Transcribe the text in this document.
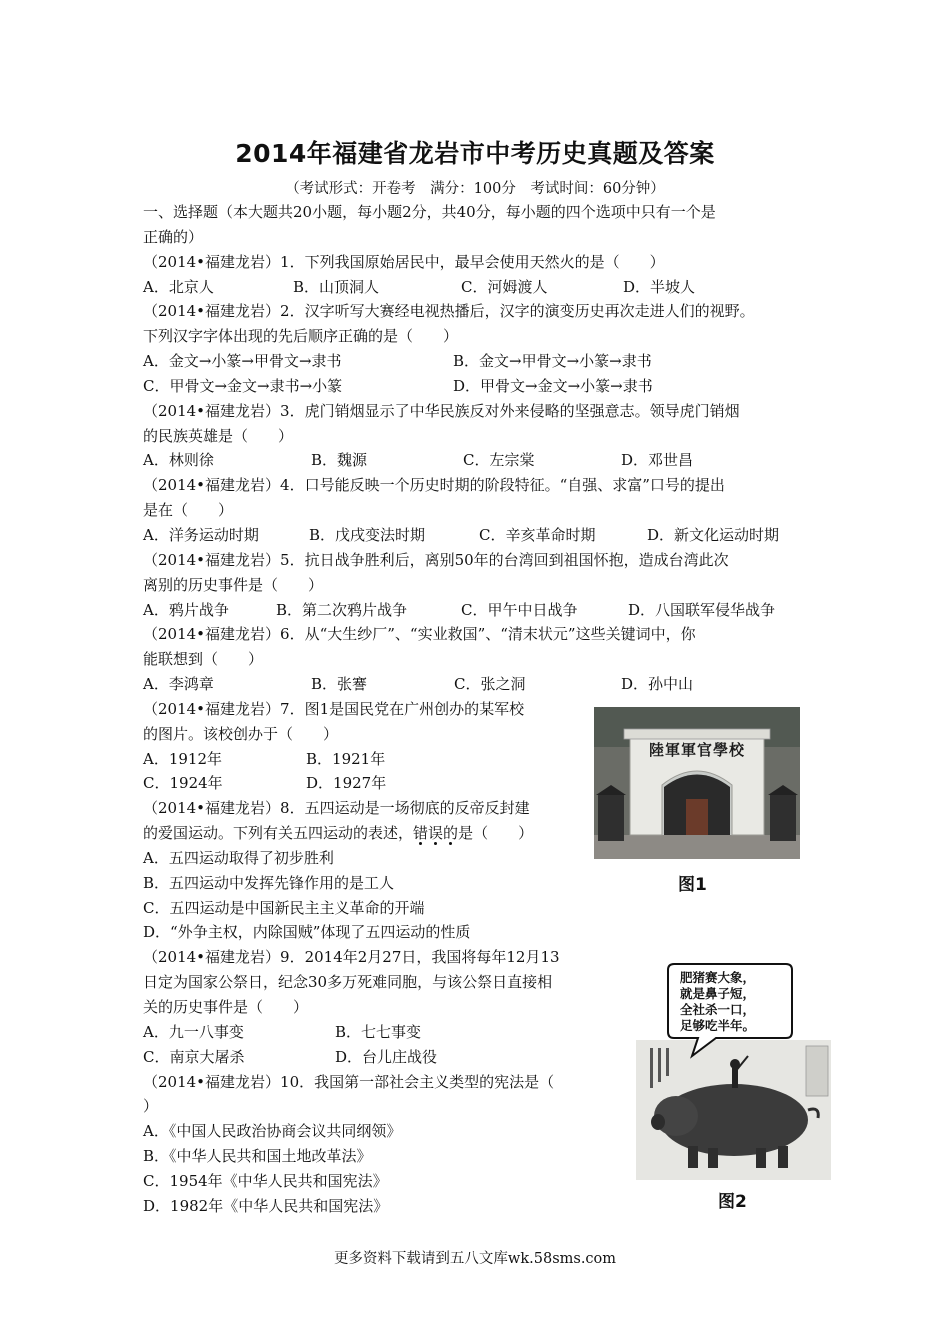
2014年福建省龙岩市中考历史真题及答案
（考试形式：开卷考　满分：100分　考试时间：60分钟）
一、选择题（本大题共20小题，每小题2分，共40分，每小题的四个选项中只有一个是
正确的）
（2014•福建龙岩）1．下列我国原始居民中，最早会使用天然火的是（　　）
A．北京人	B．山顶洞人	C．河姆渡人	D．半坡人
（2014•福建龙岩）2．汉字听写大赛经电视热播后，汉字的演变历史再次走进人们的视野。
下列汉字字体出现的先后顺序正确的是（　　）
A．金文→小篆→甲骨文→隶书	B．金文→甲骨文→小篆→隶书
C．甲骨文→金文→隶书→小篆	D．甲骨文→金文→小篆→隶书
（2014•福建龙岩）3．虎门销烟显示了中华民族反对外来侵略的坚强意志。领导虎门销烟
的民族英雄是（　　）
A．林则徐	B．魏源	C．左宗棠	D．邓世昌
（2014•福建龙岩）4．口号能反映一个历史时期的阶段特征。“自强、求富”口号的提出
是在（　　）
A．洋务运动时期	B．戊戌变法时期	C．辛亥革命时期	D．新文化运动时期
（2014•福建龙岩）5．抗日战争胜利后，离别50年的台湾回到祖国怀抱，造成台湾此次
离别的历史事件是（　　）
A．鸦片战争	B．第二次鸦片战争	C．甲午中日战争	D．八国联军侵华战争
（2014•福建龙岩）6．从“大生纱厂”、“实业救国”、“清末状元”这些关键词中，你
能联想到（　　）
A．李鸿章	B．张謇	C．张之洞	D．孙中山
（2014•福建龙岩）7．图1是国民党在广州创办的某军校
的图片。该校创办于（　　）
A．1912年	B．1921年
C．1924年	D．1927年
（2014•福建龙岩）8．五四运动是一场彻底的反帝反封建
的爱国运动。下列有关五四运动的表述，错误的是（　　）
A．五四运动取得了初步胜利
B．五四运动中发挥先锋作用的是工人
C．五四运动是中国新民主主义革命的开端
D．“外争主权，内除国贼”体现了五四运动的性质
（2014•福建龙岩）9．2014年2月27日，我国将每年12月13
日定为国家公祭日，纪念30多万死难同胞，与该公祭日直接相
关的历史事件是（　　）
A．九一八事变	B．七七事变
C．南京大屠杀	D．台儿庄战役
（2014•福建龙岩）10．我国第一部社会主义类型的宪法是（
）
A．《中国人民政治协商会议共同纲领》
B．《中华人民共和国土地改革法》
C．1954年《中华人民共和国宪法》
D．1982年《中华人民共和国宪法》
陸軍軍官學校
图1
肥猪赛大象，
就是鼻子短，
全社杀一口，
足够吃半年。
图2
更多资料下载请到五八文库wk.58sms.com
